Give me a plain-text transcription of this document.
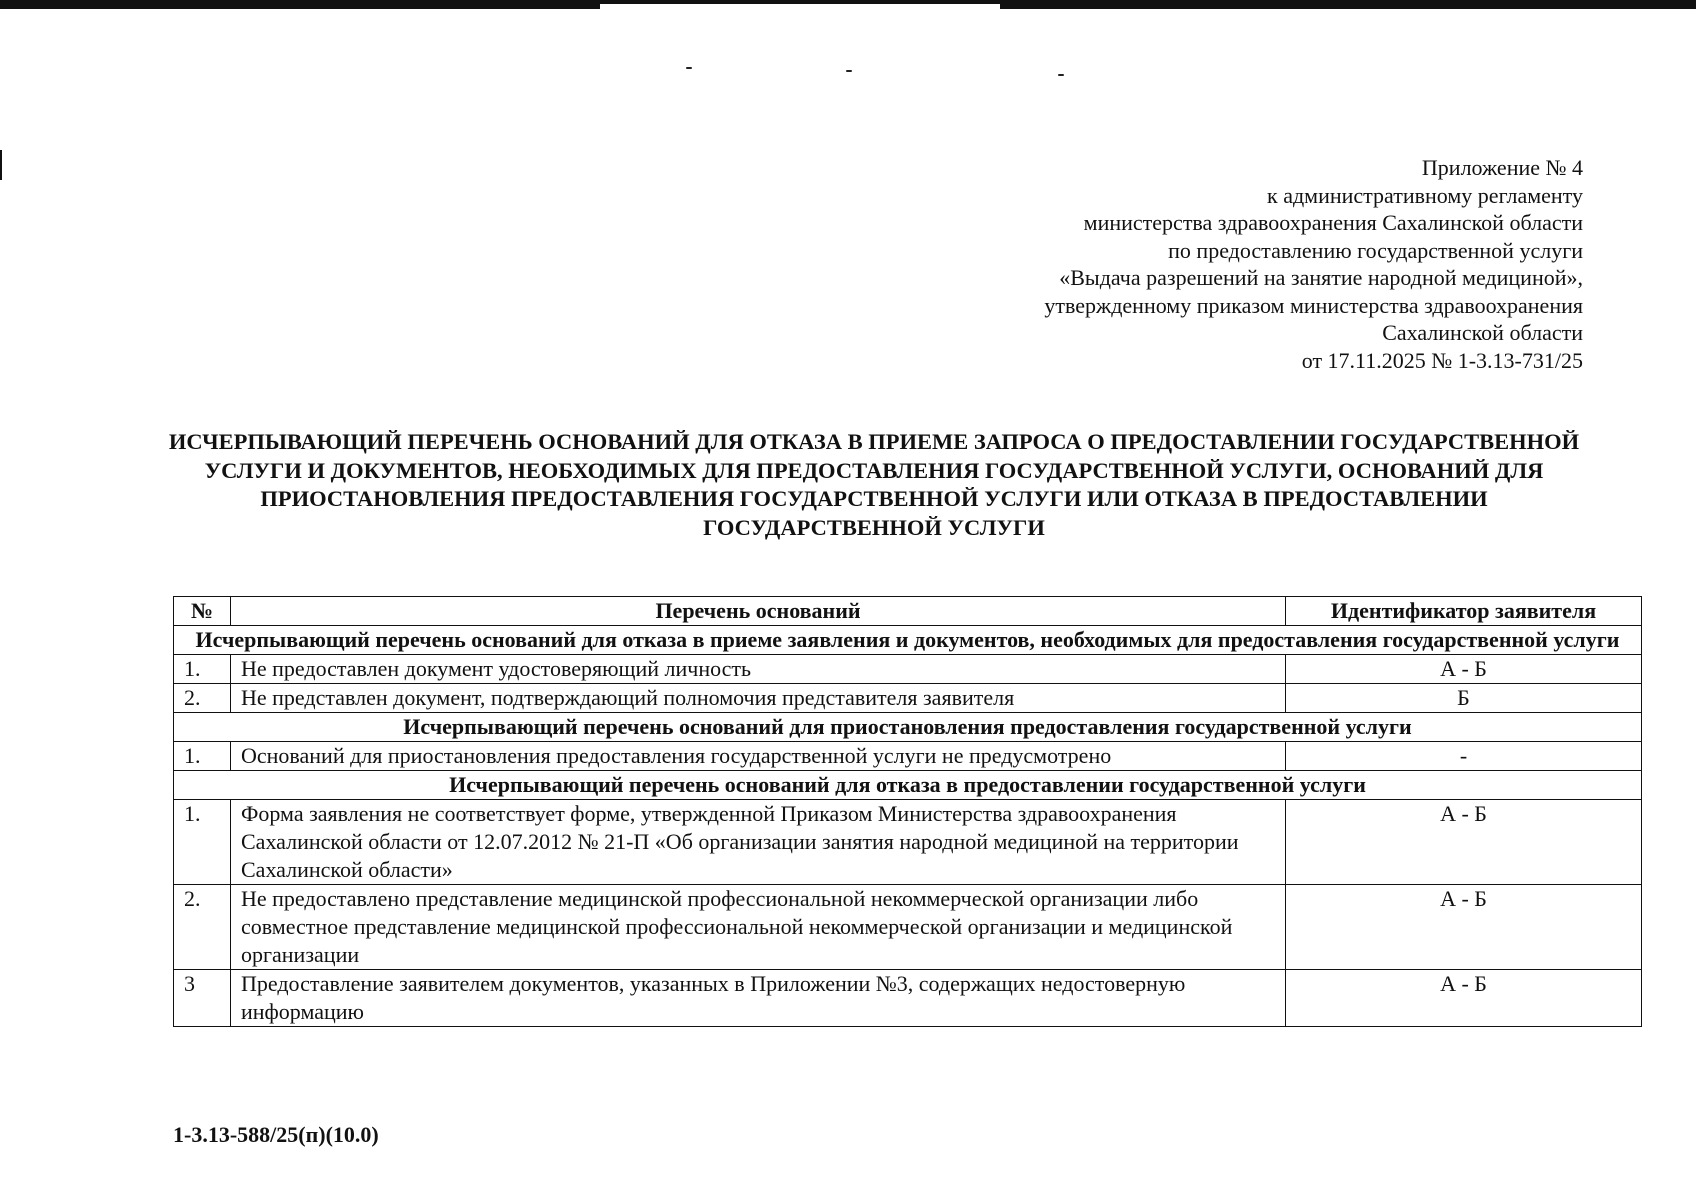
Приложение № 4
к административному регламенту
министерства здравоохранения Сахалинской области
по предоставлению государственной услуги
«Выдача разрешений на занятие народной медициной»,
утвержденному приказом министерства здравоохранения
Сахалинской области
от 17.11.2025 № 1-3.13-731/25
ИСЧЕРПЫВАЮЩИЙ ПЕРЕЧЕНЬ ОСНОВАНИЙ ДЛЯ ОТКАЗА В ПРИЕМЕ ЗАПРОСА О ПРЕДОСТАВЛЕНИИ ГОСУДАРСТВЕННОЙ УСЛУГИ И ДОКУМЕНТОВ, НЕОБХОДИМЫХ ДЛЯ ПРЕДОСТАВЛЕНИЯ ГОСУДАРСТВЕННОЙ УСЛУГИ, ОСНОВАНИЙ ДЛЯ ПРИОСТАНОВЛЕНИЯ ПРЕДОСТАВЛЕНИЯ ГОСУДАРСТВЕННОЙ УСЛУГИ ИЛИ ОТКАЗА В ПРЕДОСТАВЛЕНИИ ГОСУДАРСТВЕННОЙ УСЛУГИ
№	Перечень оснований	Идентификатор заявителя
Исчерпывающий перечень оснований для отказа в приеме заявления и документов, необходимых для предоставления государственной услуги		
1.	Не предоставлен документ удостоверяющий личность	А - Б
2.	Не представлен документ, подтверждающий полномочия представителя заявителя	Б
Исчерпывающий перечень оснований для приостановления предоставления государственной услуги		
1.	Оснований для приостановления предоставления государственной услуги не предусмотрено	-
Исчерпывающий перечень оснований для отказа в предоставлении государственной услуги		
1.	Форма заявления не соответствует форме, утвержденной Приказом Министерства здравоохранения Сахалинской области от 12.07.2012 № 21-П «Об организации занятия народной медициной на территории Сахалинской области»	А - Б
2.	Не предоставлено представление медицинской профессиональной некоммерческой организации либо совместное представление медицинской профессиональной некоммерческой организации и медицинской организации	А - Б
3	Предоставление заявителем документов, указанных в Приложении №3, содержащих недостоверную информацию	А - Б
1-3.13-588/25(п)(10.0)
